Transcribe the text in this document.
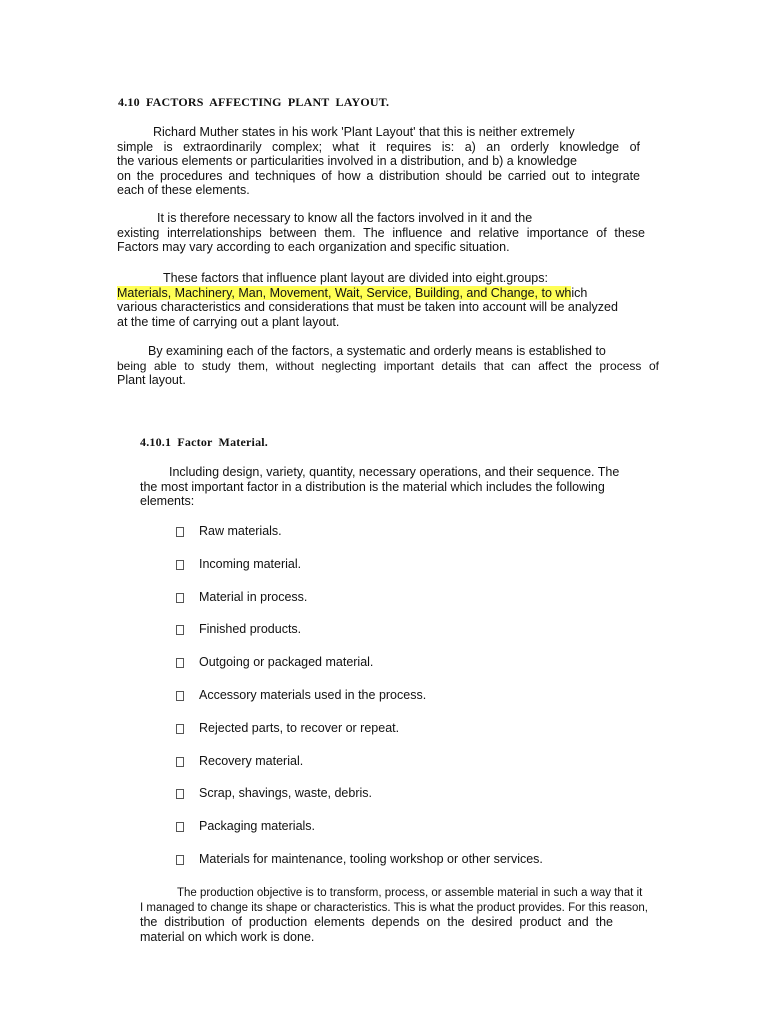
4.10 FACTORS AFFECTING PLANT LAYOUT.
Richard Muther states in his work 'Plant Layout' that this is neither extremely
simple is extraordinarily complex; what it requires is: a) an orderly knowledge of
the various elements or particularities involved in a distribution, and b) a knowledge
on the procedures and techniques of how a distribution should be carried out to integrate
each of these elements.
It is therefore necessary to know all the factors involved in it and the
existing interrelationships between them. The influence and relative importance of these
Factors may vary according to each organization and specific situation.
These factors that influence plant layout are divided into eight.groups:
Materials, Machinery, Man, Movement, Wait, Service, Building, and Change, to which
various characteristics and considerations that must be taken into account will be analyzed
at the time of carrying out a plant layout.
By examining each of the factors, a systematic and orderly means is established to
being able to study them, without neglecting important details that can affect the process of
Plant layout.
4.10.1 Factor Material.
Including design, variety, quantity, necessary operations, and their sequence. The
the most important factor in a distribution is the material which includes the following
elements:
Raw materials.
Incoming material.
Material in process.
Finished products.
Outgoing or packaged material.
Accessory materials used in the process.
Rejected parts, to recover or repeat.
Recovery material.
Scrap, shavings, waste, debris.
Packaging materials.
Materials for maintenance, tooling workshop or other services.
The production objective is to transform, process, or assemble material in such a way that it
I managed to change its shape or characteristics. This is what the product provides. For this reason,
the distribution of production elements depends on the desired product and the
material on which work is done.
